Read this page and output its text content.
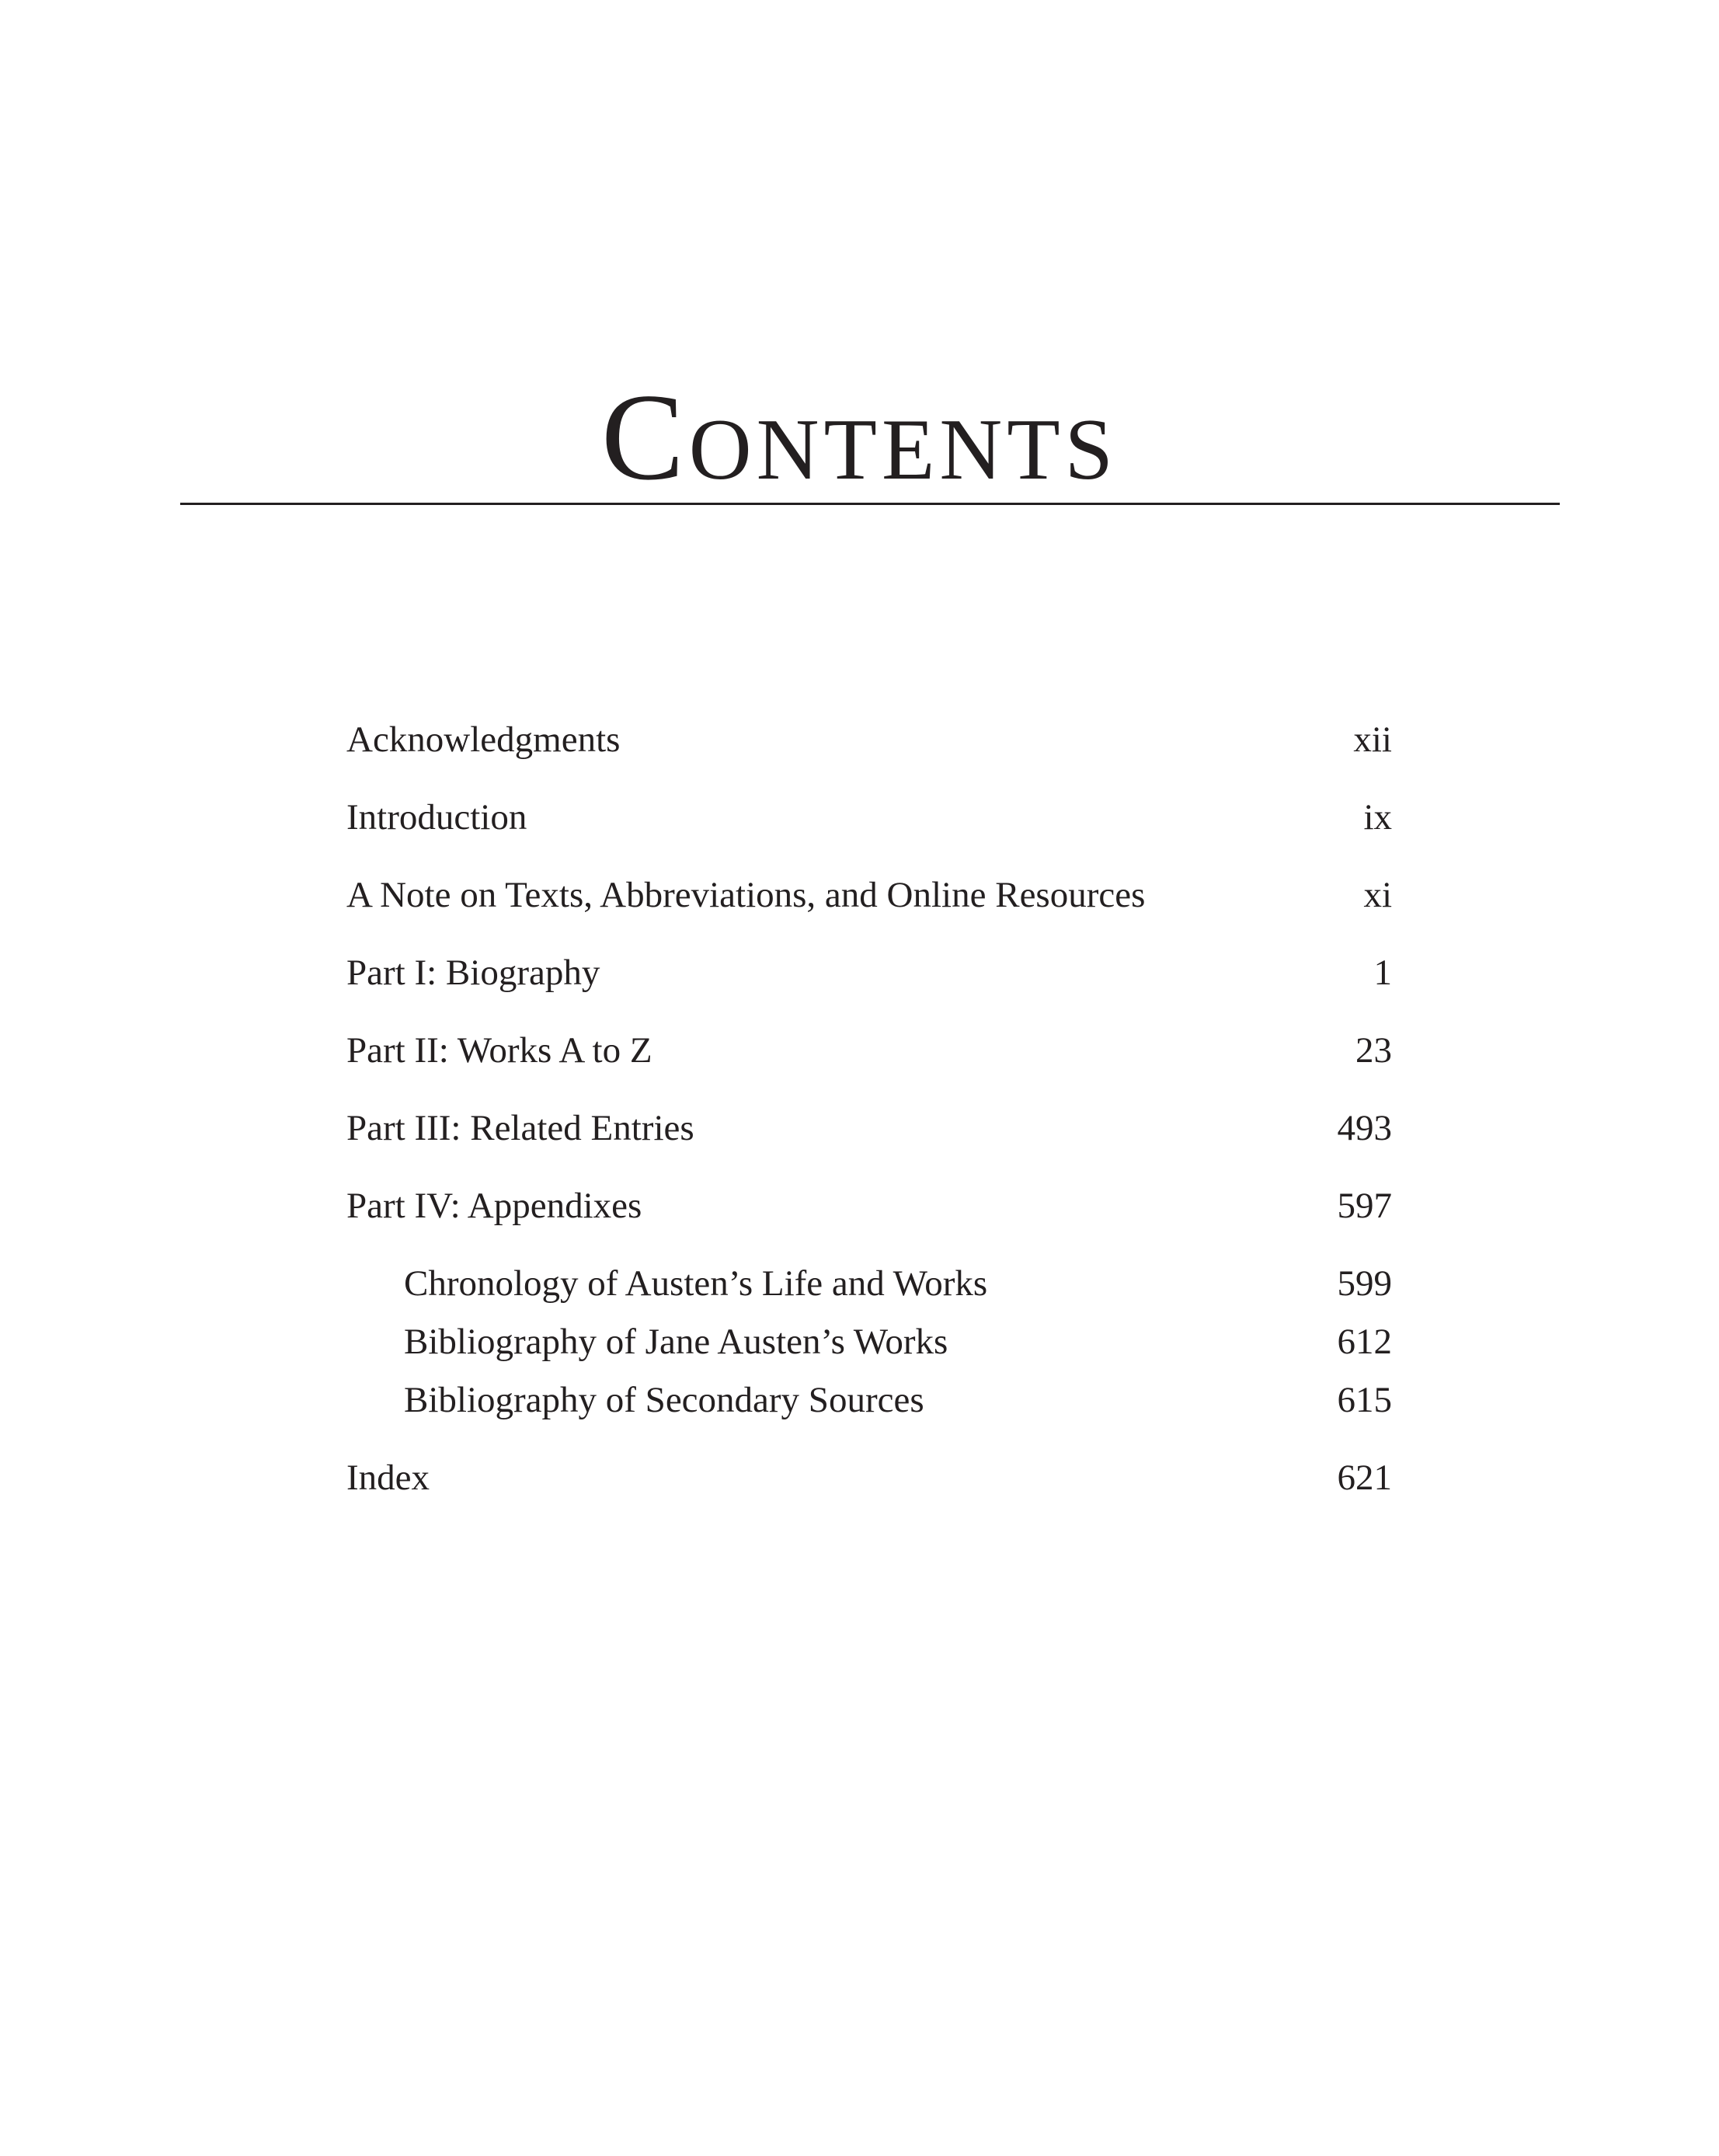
Contents
Acknowledgments	xii
Introduction	ix
A Note on Texts, Abbreviations, and Online Resources	xi
Part I: Biography	1
Part II: Works A to Z	23
Part III: Related Entries	493
Part IV: Appendixes	597
Chronology of Austen’s Life and Works	599
Bibliography of Jane Austen’s Works	612
Bibliography of Secondary Sources	615
Index	621
